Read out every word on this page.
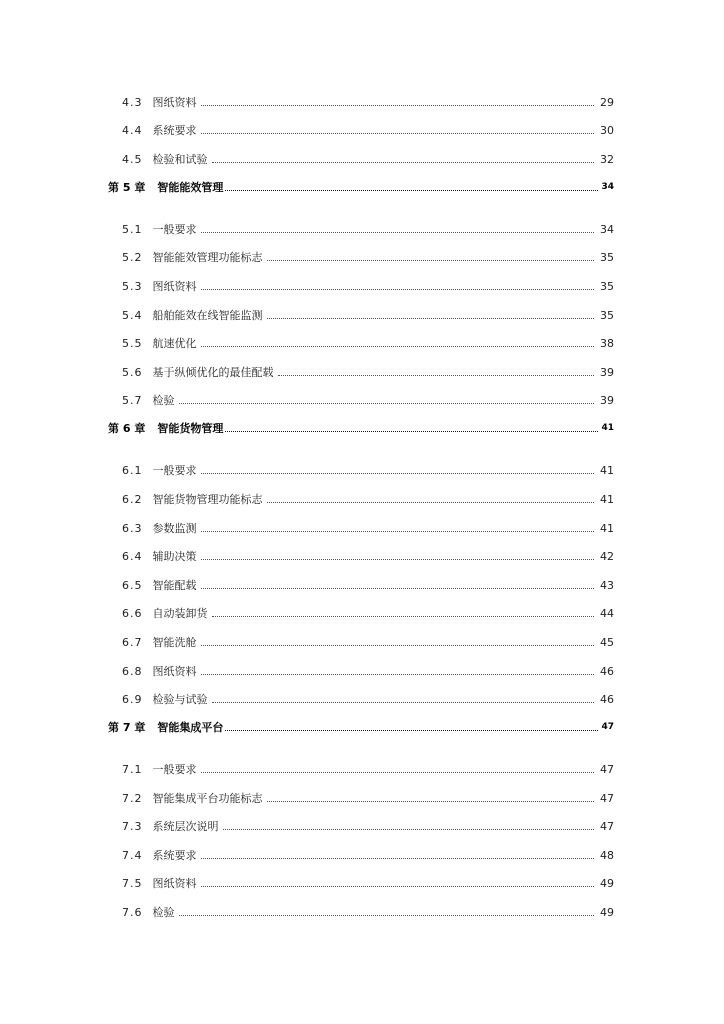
4.3 图纸资料	29
4.4 系统要求	30
4.5 检验和试验	32
第 5 章 智能能效管理	34
5.1 一般要求	34
5.2 智能能效管理功能标志	35
5.3 图纸资料	35
5.4 船舶能效在线智能监测	35
5.5 航速优化	38
5.6 基于纵倾优化的最佳配载	39
5.7 检验	39
第 6 章 智能货物管理	41
6.1 一般要求	41
6.2 智能货物管理功能标志	41
6.3 参数监测	41
6.4 辅助决策	42
6.5 智能配载	43
6.6 自动装卸货	44
6.7 智能洗舱	45
6.8 图纸资料	46
6.9 检验与试验	46
第 7 章 智能集成平台	47
7.1 一般要求	47
7.2 智能集成平台功能标志	47
7.3 系统层次说明	47
7.4 系统要求	48
7.5 图纸资料	49
7.6 检验	49
